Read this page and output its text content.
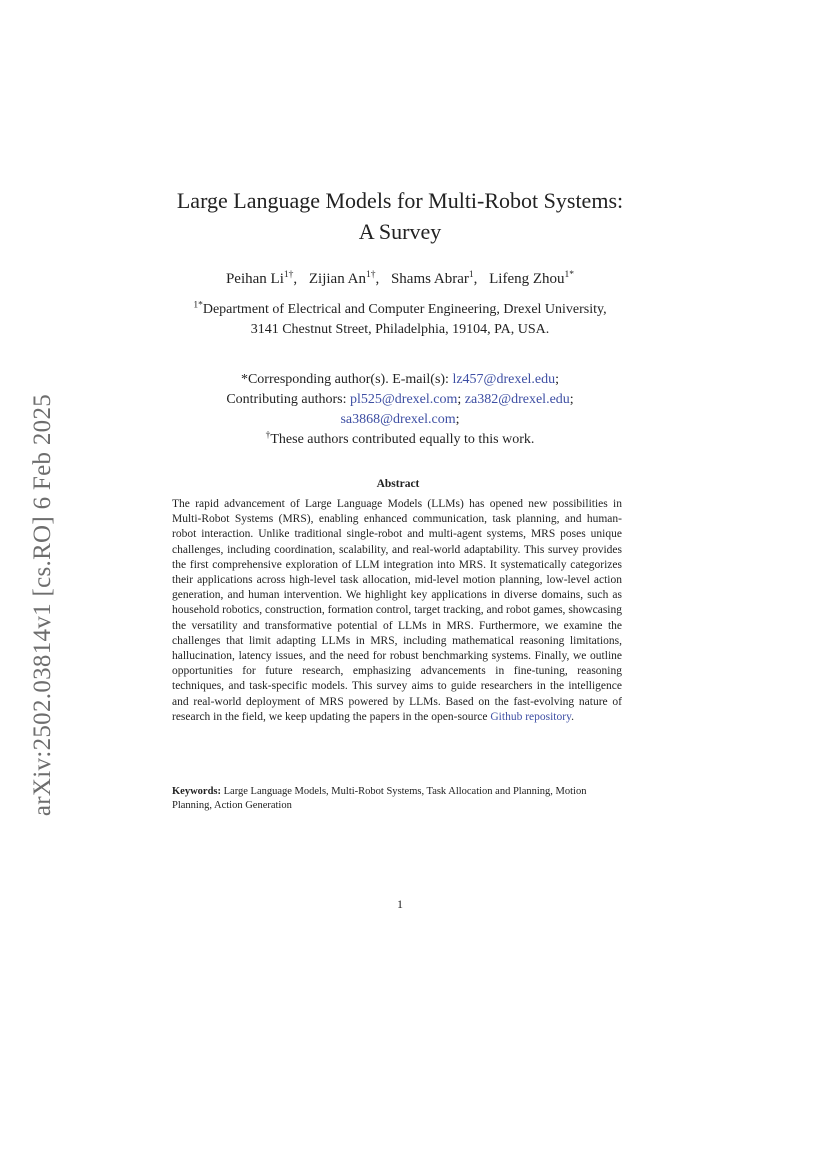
arXiv:2502.03814v1 [cs.RO] 6 Feb 2025
Large Language Models for Multi-Robot Systems:
A Survey
Peihan $Li^{1\dagger}$, Zijian $An^{1\dagger}$, Shams Abrar$^1$, Lifeng Zhou$^{1*}$
$^{1*}$Department of Electrical and Computer Engineering, Drexel University,
3141 Chestnut Street, Philadelphia, 19104, PA, USA.
*Corresponding author(s). E-mail(s): lz457@drexel.edu;
Contributing authors: pl525@drexel.com; za382@drexel.edu;
sa3868@drexel.com;
†These authors contributed equally to this work.
Abstract
The rapid advancement of Large Language Models (LLMs) has opened new possibilities in Multi-Robot Systems (MRS), enabling enhanced communication, task planning, and human-robot interaction. Unlike traditional single-robot and multi-agent systems, MRS poses unique challenges, including coordination, scalability, and real-world adaptability. This survey provides the first comprehensive exploration of LLM integration into MRS. It systematically categorizes their applications across high-level task allocation, mid-level motion planning, low-level action generation, and human intervention. We highlight key applications in diverse domains, such as household robotics, construction, formation control, target tracking, and robot games, showcasing the versatility and transformative potential of LLMs in MRS. Furthermore, we examine the challenges that limit adapting LLMs in MRS, including mathematical reasoning limitations, hallucination, latency issues, and the need for robust benchmarking systems. Finally, we outline opportunities for future research, emphasizing advancements in fine-tuning, reasoning techniques, and task-specific models. This survey aims to guide researchers in the intelligence and real-world deployment of MRS powered by LLMs. Based on the fast-evolving nature of research in the field, we keep updating the papers in the open-source Github repository.
Keywords: Large Language Models, Multi-Robot Systems, Task Allocation and Planning, Motion Planning, Action Generation
1
